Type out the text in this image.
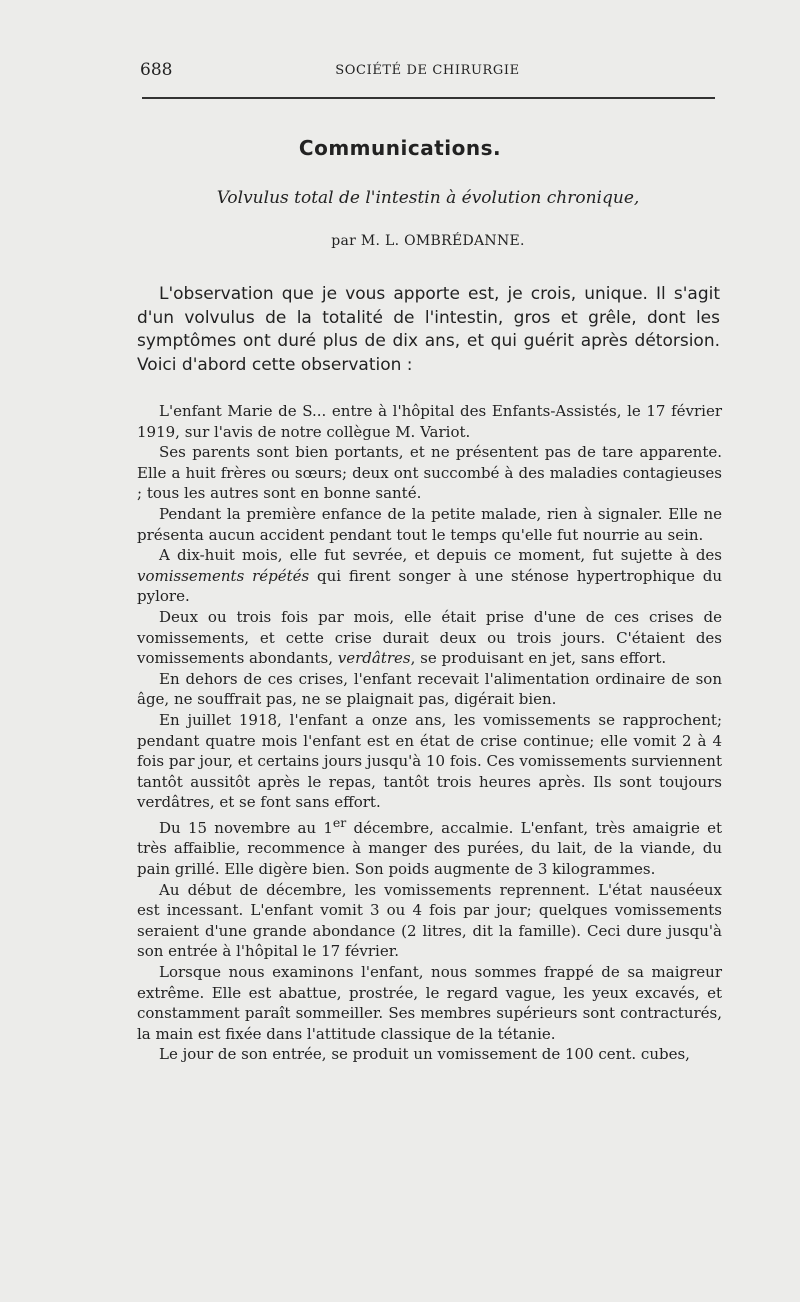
688	SOCIÉTÉ DE CHIRURGIE
Communications.
Volvulus total de l'intestin à évolution chronique,
par M. L. OMBRÉDANNE.

L'observation que je vous apporte est, je crois, unique. Il s'agit d'un volvulus de la totalité de l'intestin, gros et grêle, dont les symptômes ont duré plus de dix ans, et qui guérit après détorsion. Voici d'abord cette observation :

L'enfant Marie de S... entre à l'hôpital des Enfants-Assistés, le 17 février 1919, sur l'avis de notre collègue M. Variot.

Ses parents sont bien portants, et ne présentent pas de tare apparente. Elle a huit frères ou sœurs; deux ont succombé à des maladies contagieuses ; tous les autres sont en bonne santé.

Pendant la première enfance de la petite malade, rien à signaler. Elle ne présenta aucun accident pendant tout le temps qu'elle fut nourrie au sein.

A dix-huit mois, elle fut sevrée, et depuis ce moment, fut sujette à des vomissements répétés qui firent songer à une sténose hypertrophique du pylore.

Deux ou trois fois par mois, elle était prise d'une de ces crises de vomissements, et cette crise durait deux ou trois jours. C'étaient des vomissements abondants, verdâtres, se produisant en jet, sans effort.

En dehors de ces crises, l'enfant recevait l'alimentation ordinaire de son âge, ne souffrait pas, ne se plaignait pas, digérait bien.

En juillet 1918, l'enfant a onze ans, les vomissements se rapprochent; pendant quatre mois l'enfant est en état de crise continue; elle vomit 2 à 4 fois par jour, et certains jours jusqu'à 10 fois. Ces vomissements surviennent tantôt aussitôt après le repas, tantôt trois heures après. Ils sont toujours verdâtres, et se font sans effort.

Du 15 novembre au 1er décembre, accalmie. L'enfant, très amaigrie et très affaiblie, recommence à manger des purées, du lait, de la viande, du pain grillé. Elle digère bien. Son poids augmente de 3 kilogrammes.

Au début de décembre, les vomissements reprennent. L'état nauséeux est incessant. L'enfant vomit 3 ou 4 fois par jour; quelques vomissements seraient d'une grande abondance (2 litres, dit la famille). Ceci dure jusqu'à son entrée à l'hôpital le 17 février.

Lorsque nous examinons l'enfant, nous sommes frappé de sa maigreur extrême. Elle est abattue, prostrée, le regard vague, les yeux excavés, et constamment paraît sommeiller. Ses membres supérieurs sont contracturés, la main est fixée dans l'attitude classique de la tétanie.

Le jour de son entrée, se produit un vomissement de 100 cent. cubes,
